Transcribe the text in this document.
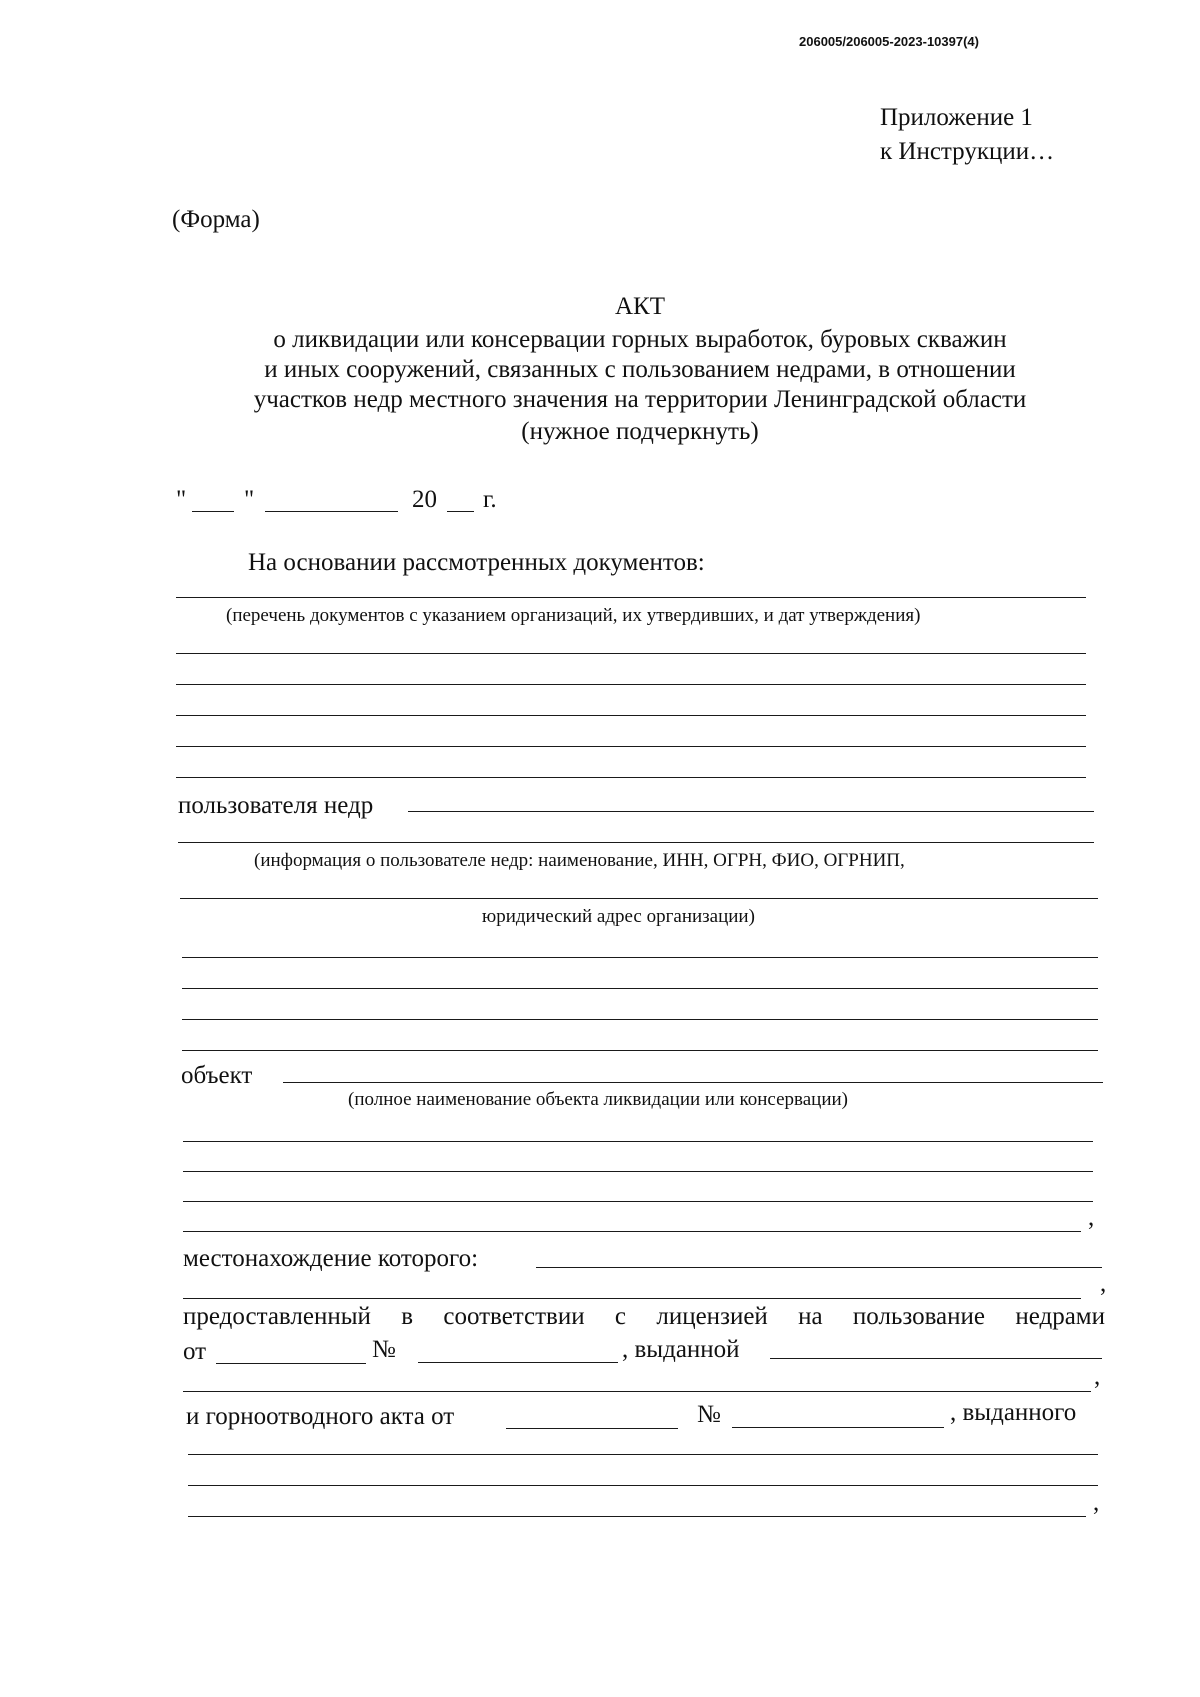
206005/206005-2023-10397(4)
Приложение 1
к Инструкции…
(Форма)
АКТ
о ликвидации или консервации горных выработок, буровых скважин
и иных сооружений, связанных с пользованием недрами, в отношении
участков недр местного значения на территории Ленинградской области
(нужное подчеркнуть)
" "	20 г.
На основании рассмотренных документов:
(перечень документов с указанием организаций, их утвердивших, и дат утверждения)
пользователя недр
(информация о пользователе недр: наименование, ИНН, ОГРН, ФИО, ОГРНИП,
юридический адрес организации)
объект
(полное наименование объекта ликвидации или консервации)
,
местонахождение которого:
,
предоставленный в соответствии с лицензией на пользование недрами
от	№	, выданной
,
и горноотводного акта от	№	, выданного
,
